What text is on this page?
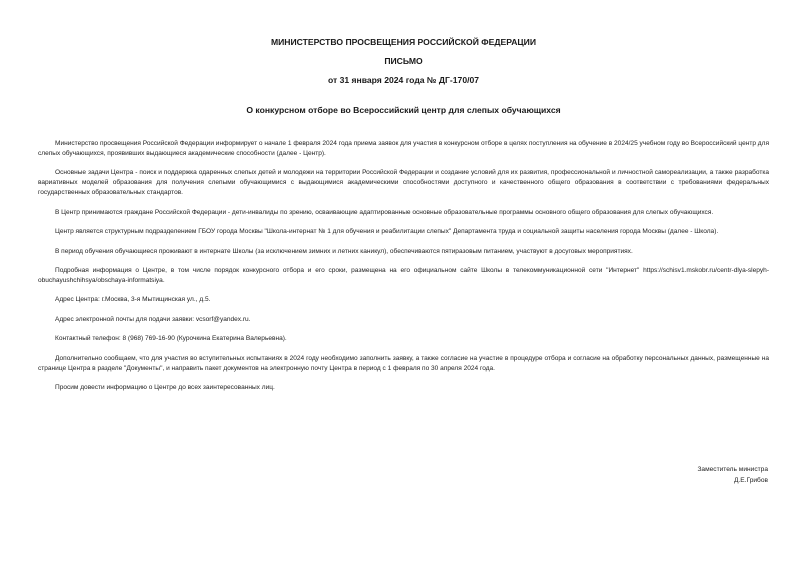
МИНИСТЕРСТВО ПРОСВЕЩЕНИЯ РОССИЙСКОЙ ФЕДЕРАЦИИ
ПИСЬМО
от 31 января 2024 года № ДГ-170/07
О конкурсном отборе во Всероссийский центр для слепых обучающихся

Министерство просвещения Российской Федерации информирует о начале 1 февраля 2024 года приема заявок для участия в конкурсном отборе в целях поступления на обучение в 2024/25 учебном году во Всероссийский центр для слепых обучающихся, проявивших выдающиеся академические способности (далее - Центр).

Основные задачи Центра - поиск и поддержка одаренных слепых детей и молодежи на территории Российской Федерации и создание условий для их развития, профессиональной и личностной самореализации, а также разработка вариативных моделей образования для получения слепыми обучающимися с выдающимися академическими способностями доступного и качественного общего образования в соответствии с требованиями федеральных государственных образовательных стандартов.

В Центр принимаются граждане Российской Федерации - дети-инвалиды по зрению, осваивающие адаптированные основные образовательные программы основного общего образования для слепых обучающихся.

Центр является структурным подразделением ГБОУ города Москвы "Школа-интернат № 1 для обучения и реабилитации слепых" Департамента труда и социальной защиты населения города Москвы (далее - Школа).

В период обучения обучающиеся проживают в интернате Школы (за исключением зимних и летних каникул), обеспечиваются пятиразовым питанием, участвуют в досуговых мероприятиях.

Подробная информация о Центре, в том числе порядок конкурсного отбора и его сроки, размещена на его официальном сайте Школы в телекоммуникационной сети "Интернет" https://schisv1.mskobr.ru/centr-dlya-slepyh-obuchayushchihsya/obschaya-informatsiya.

Адрес Центра: г.Москва, 3-я Мытищинская ул., д.5.

Адрес электронной почты для подачи заявки: vcsorf@yandex.ru.

Контактный телефон: 8 (968) 769-16-90 (Курочкина Екатерина Валерьевна).

Дополнительно сообщаем, что для участия во вступительных испытаниях в 2024 году необходимо заполнить заявку, а также согласие на участие в процедуре отбора и согласие на обработку персональных данных, размещенные на странице Центра в разделе "Документы", и направить пакет документов на электронную почту Центра в период с 1 февраля по 30 апреля 2024 года.

Просим довести информацию о Центре до всех заинтересованных лиц.

Заместитель министра
Д.Е.Грибов
